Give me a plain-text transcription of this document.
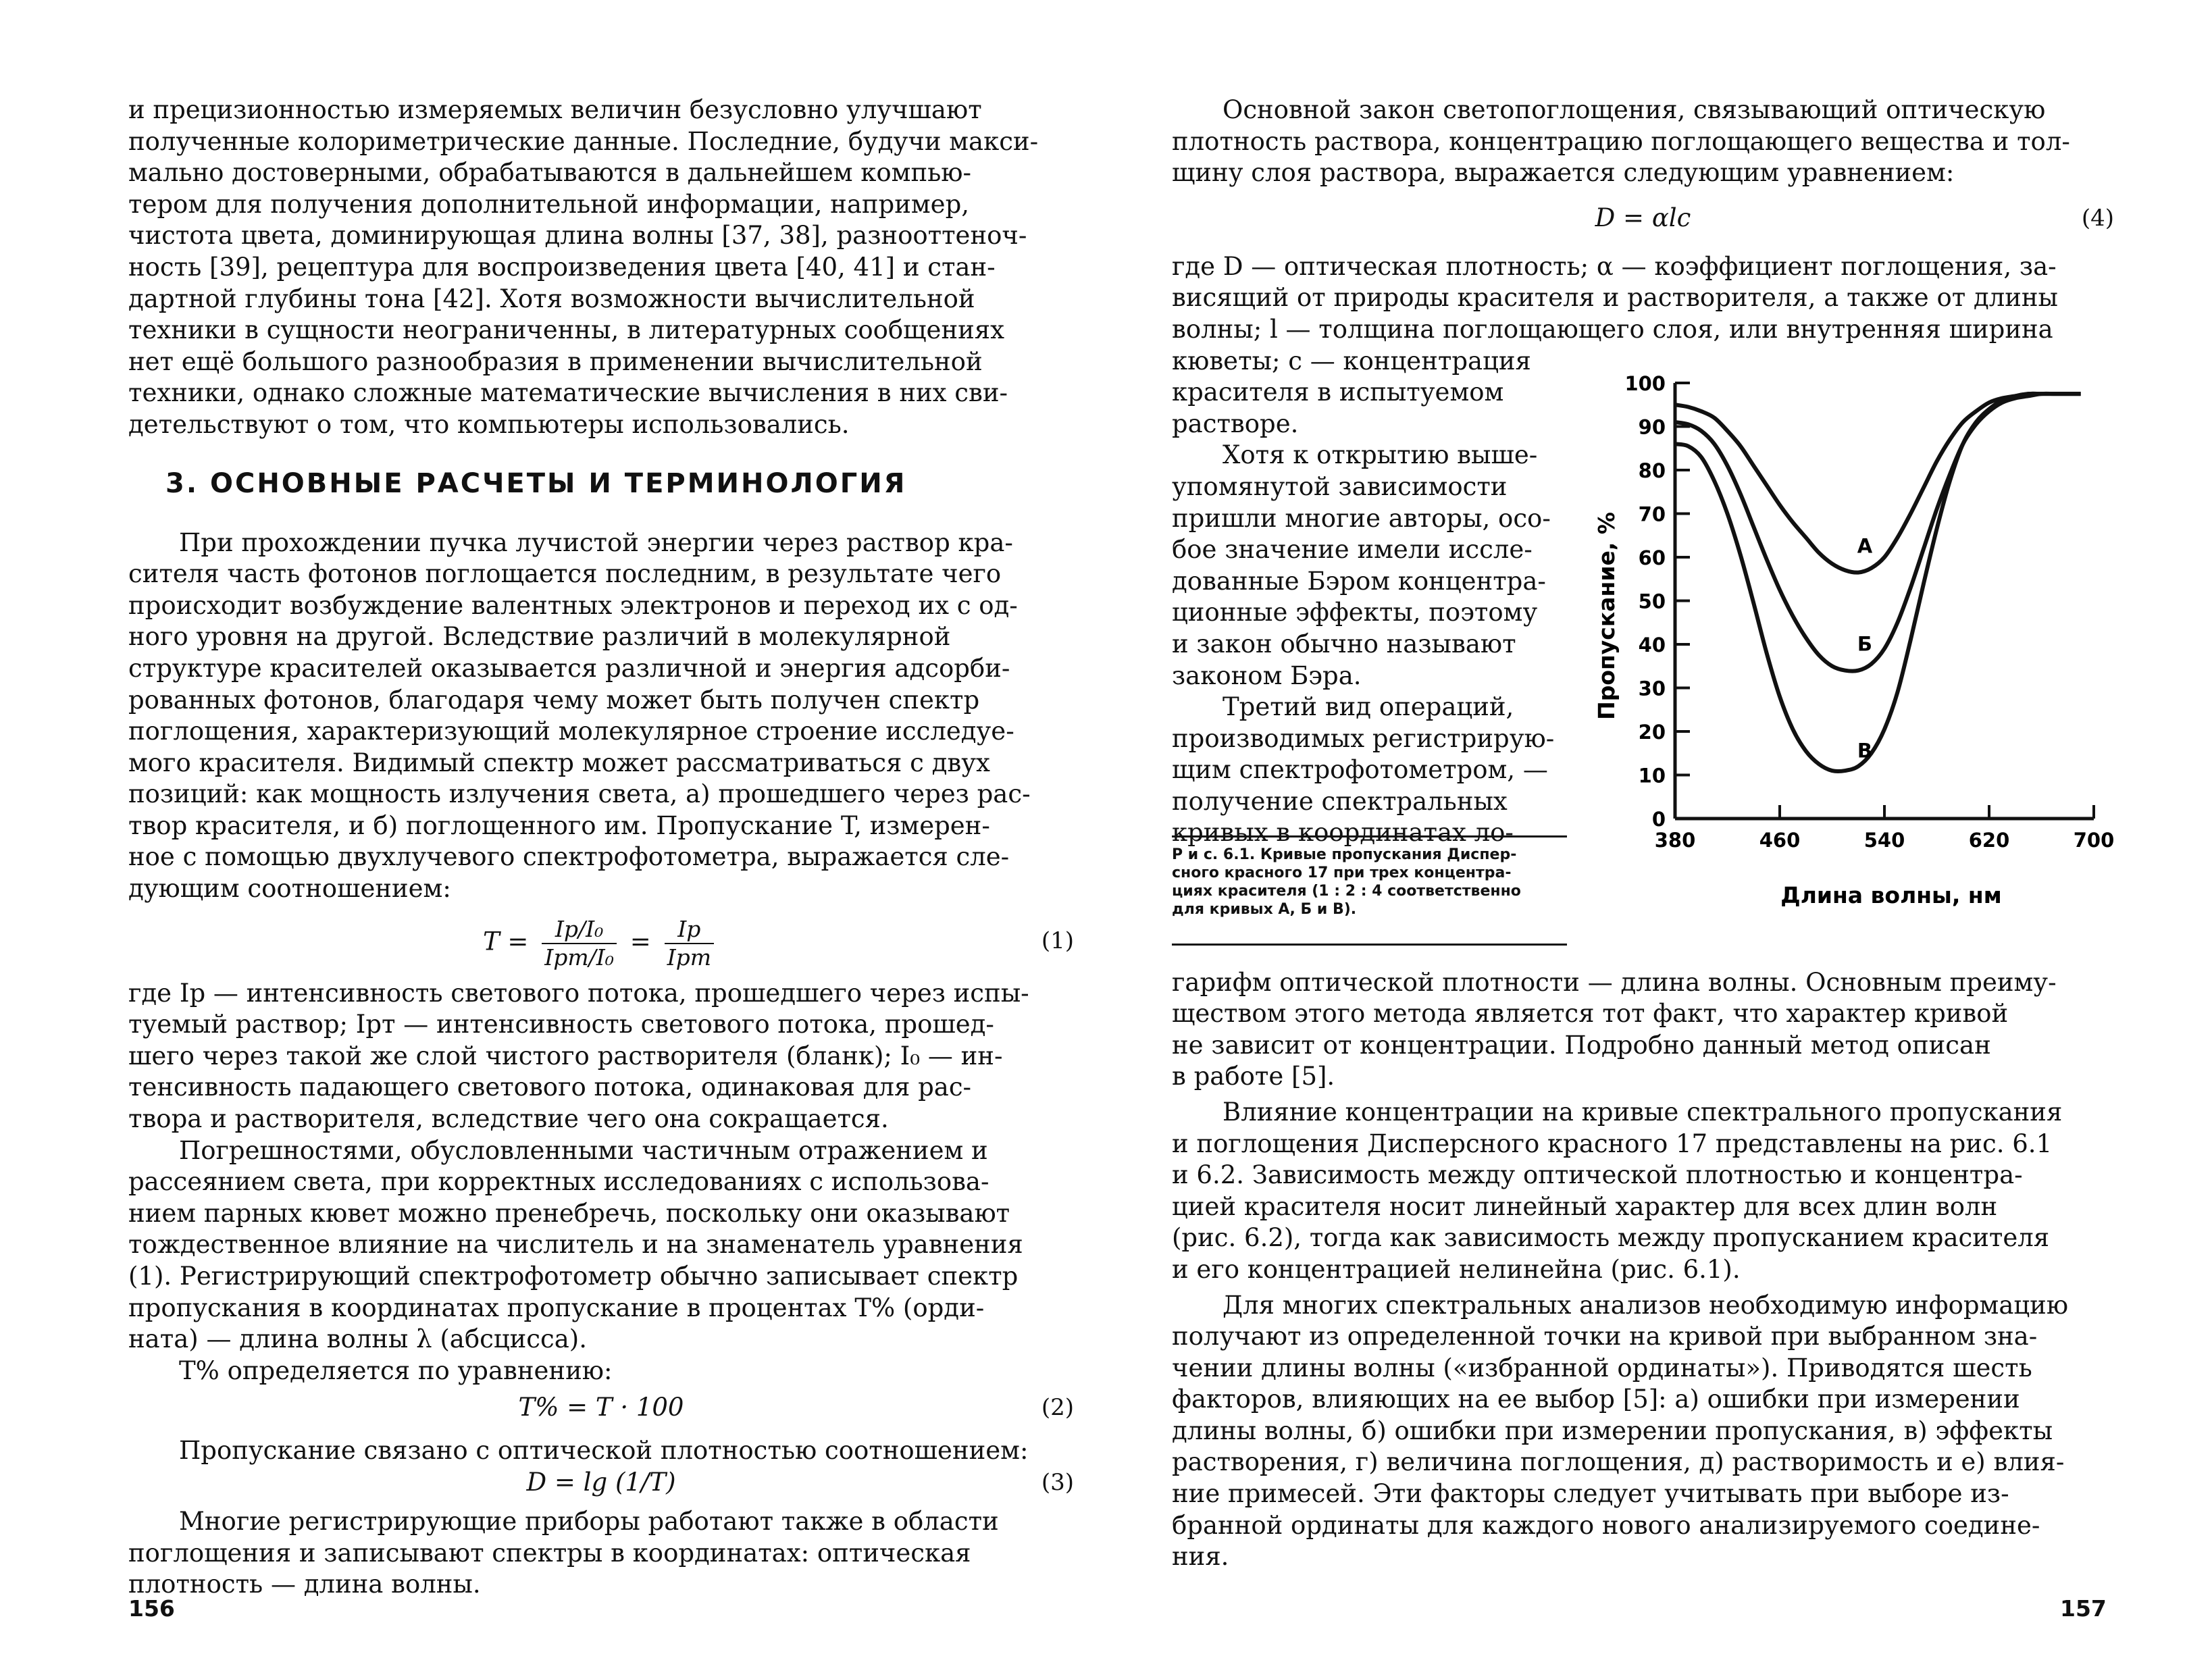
и прецизионностью измеряемых величин безусловно улучшают
полученные колориметрические данные. Последние, будучи макси-
мально достоверными, обрабатываются в дальнейшем компью-
тером для получения дополнительной информации, например,
чистота цвета, доминирующая длина волны [37, 38], разнооттеноч-
ность [39], рецептура для воспроизведения цвета [40, 41] и стан-
дартной глубины тона [42]. Хотя возможности вычислительной
техники в сущности неограниченны, в литературных сообщениях
нет ещё большого разнообразия в применении вычислительной
техники, однако сложные математические вычисления в них сви-
детельствуют о том, что компьютеры использовались.

3. ОСНОВНЫЕ РАСЧЕТЫ И ТЕРМИНОЛОГИЯ

При прохождении пучка лучистой энергии через раствор кра-
сителя часть фотонов поглощается последним, в результате чего
происходит возбуждение валентных электронов и переход их с од-
ного уровня на другой. Вследствие различий в молекулярной
структуре красителей оказывается различной и энергия адсорби-
рованных фотонов, благодаря чему может быть получен спектр
поглощения, характеризующий молекулярное строение исследуе-
мого красителя. Видимый спектр может рассматриваться с двух
позиций: как мощность излучения света, а) прошедшего через рас-
твор красителя, и б) поглощенного им. Пропускание T, измерен-
ное с помощью двухлучевого спектрофотометра, выражается сле-
дующим соотношением:

$T = \frac{\text{Iр/I₀}}{\text{Iрт/I₀}} = \frac{Iр}{\text{Iрт}}$	(1)

где Iр — интенсивность светового потока, прошедшего через испы-
туемый раствор; Iрт — интенсивность светового потока, прошед-
шего через такой же слой чистого растворителя (бланк); I₀ — ин-
тенсивность падающего светового потока, одинаковая для рас-
твора и растворителя, вследствие чего она сокращается.

Погрешностями, обусловленными частичным отражением и
рассеянием света, при корректных исследованиях с использова-
нием парных кювет можно пренебречь, поскольку они оказывают
тождественное влияние на числитель и на знаменатель уравнения
(1). Регистрирующий спектрофотометр обычно записывает спектр
пропускания в координатах пропускание в процентах T% (орди-
ната) — длина волны λ (абсцисса).

T% определяется по уравнению:

T% = T · 100	(2)

Пропускание связано с оптической плотностью соотношением:

D = lg (1/T)	(3)

Многие регистрирующие приборы работают также в области
поглощения и записывают спектры в координатах: оптическая
плотность — длина волны.

156

Основной закон светопоглощения, связывающий оптическую
плотность раствора, концентрацию поглощающего вещества и тол-
щину слоя раствора, выражается следующим уравнением:

D = αlc	(4)

где D — оптическая плотность; α — коэффициент поглощения, за-
висящий от природы красителя и растворителя, а также от длины
волны; l — толщина поглощающего слоя, или внутренняя ширина

кюветы; c — концентрация
красителя в испытуемом
растворе.

Хотя к открытию выше-
упомянутой зависимости
пришли многие авторы, осо-
бое значение имели иссле-
дованные Бэром концентра-
ционные эффекты, поэтому
и закон обычно называют
законом Бэра.

Третий вид операций,
производимых регистрирую-
щим спектрофотометром, —
получение спектральных
кривых в координатах ло-

Р и с. 6.1. Кривые пропускания Диспер-
сного красного 17 при трех концентра-
циях красителя (1 : 2 : 4 соответственно
для кривых А, Б и В).
0
10
20
30
40
50
60
70
80
90
100
380	460	540	620	700
А
Б
В
Длина волны, нм
Пропускание, %

гарифм оптической плотности — длина волны. Основным преиму-
ществом этого метода является тот факт, что характер кривой
не зависит от концентрации. Подробно данный метод описан
в работе [5].

Влияние концентрации на кривые спектрального пропускания
и поглощения Дисперсного красного 17 представлены на рис. 6.1
и 6.2. Зависимость между оптической плотностью и концентра-
цией красителя носит линейный характер для всех длин волн
(рис. 6.2), тогда как зависимость между пропусканием красителя
и его концентрацией нелинейна (рис. 6.1).

Для многих спектральных анализов необходимую информацию
получают из определенной точки на кривой при выбранном зна-
чении длины волны («избранной ординаты»). Приводятся шесть
факторов, влияющих на ее выбор [5]: а) ошибки при измерении
длины волны, б) ошибки при измерении пропускания, в) эффекты
растворения, г) величина поглощения, д) растворимость и е) влия-
ние примесей. Эти факторы следует учитывать при выборе из-
бранной ординаты для каждого нового анализируемого соедине-
ния.

157
